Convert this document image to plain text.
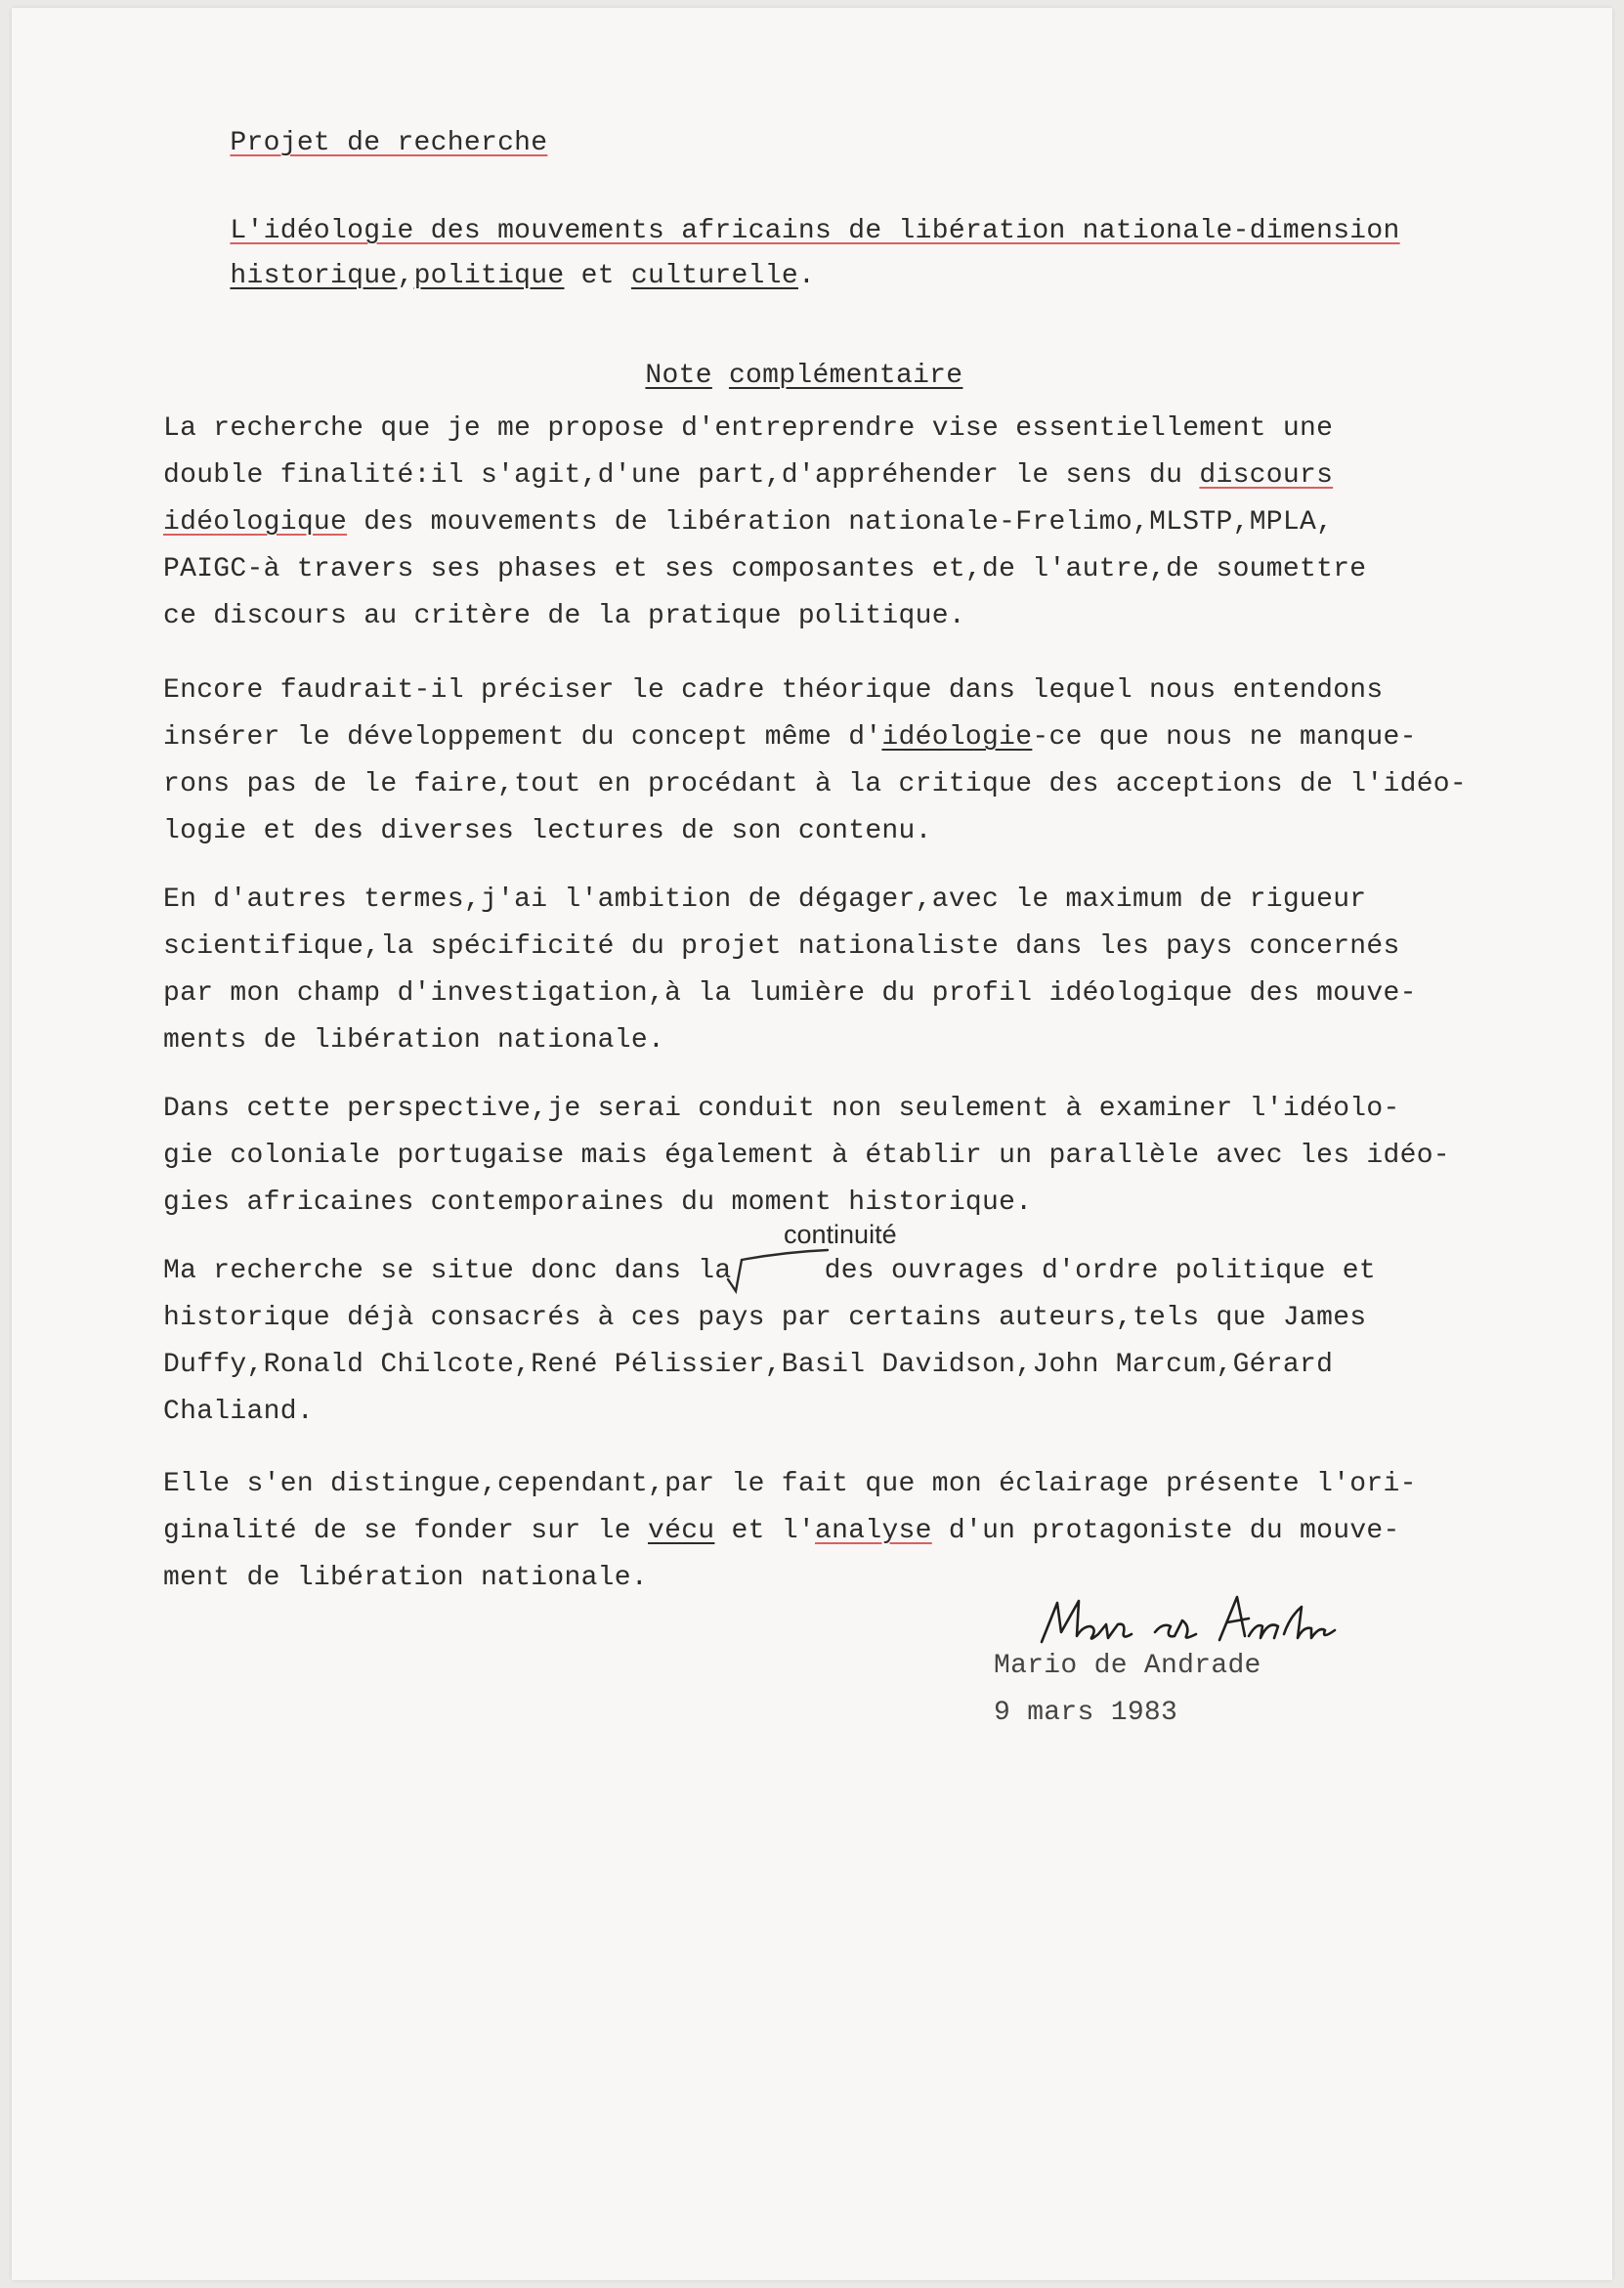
Projet de recherche

L'idéologie des mouvements africains de libération nationale-dimension

historique,politique et culturelle.

Note complémentaire

La recherche que je me propose d'entreprendre vise essentiellement une
double finalité:il s'agit,d'une part,d'appréhender le sens du discours
idéologique des mouvements de libération nationale-Frelimo,MLSTP,MPLA,
PAIGC-à travers ses phases et ses composantes et,de l'autre,de soumettre
ce discours au critère de la pratique politique.
Encore faudrait-il préciser le cadre théorique dans lequel nous entendons
insérer le développement du concept même d'idéologie-ce que nous ne manque-
rons pas de le faire,tout en procédant à la critique des acceptions de l'idéo-
logie et des diverses lectures de son contenu.
En d'autres termes,j'ai l'ambition de dégager,avec le maximum de rigueur
scientifique,la spécificité du projet nationaliste dans les pays concernés
par mon champ d'investigation,à la lumière du profil idéologique des mouve-
ments de libération nationale.
Dans cette perspective,je serai conduit non seulement à examiner l'idéolo-
gie coloniale portugaise mais également à établir un parallèle avec les idéo-
gies africaines contemporaines du moment historique.
continuité
Ma recherche se situe donc dans la	des ouvrages d'ordre politique et
historique déjà consacrés à ces pays par certains auteurs,tels que James
Duffy,Ronald Chilcote,René Pélissier,Basil Davidson,John Marcum,Gérard
Chaliand.
Elle s'en distingue,cependant,par le fait que mon éclairage présente l'ori-
ginalité de se fonder sur le vécu et l'analyse d'un protagoniste du mouve-
ment de libération nationale.
Mario de Andrade
9 mars 1983
